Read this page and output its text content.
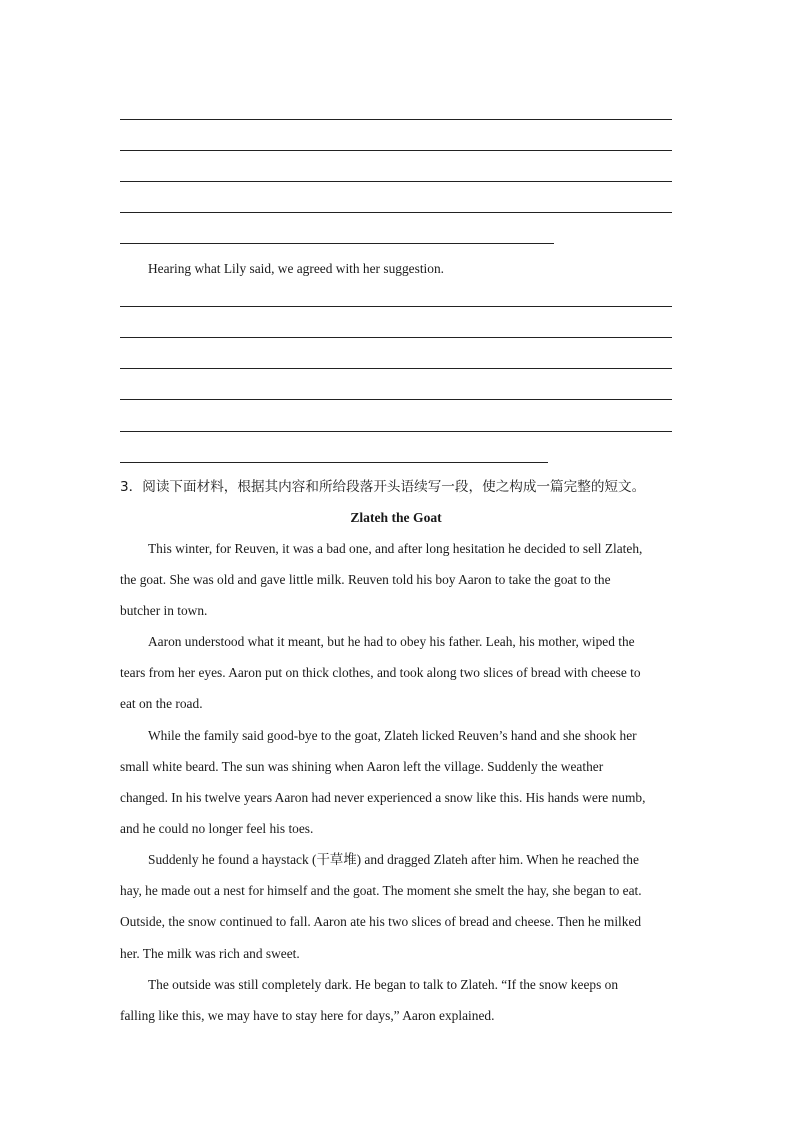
Hearing what Lily said, we agreed with her suggestion.
3．阅读下面材料，根据其内容和所给段落开头语续写一段，使之构成一篇完整的短文。
Zlateh the Goat
This winter, for Reuven, it was a bad one, and after long hesitation he decided to sell Zlateh,
the goat. She was old and gave little milk. Reuven told his boy Aaron to take the goat to the
butcher in town.
Aaron understood what it meant, but he had to obey his father. Leah, his mother, wiped the
tears from her eyes. Aaron put on thick clothes, and took along two slices of bread with cheese to
eat on the road.
While the family said good-bye to the goat, Zlateh licked Reuven’s hand and she shook her
small white beard. The sun was shining when Aaron left the village. Suddenly the weather
changed. In his twelve years Aaron had never experienced a snow like this. His hands were numb,
and he could no longer feel his toes.
Suddenly he found a haystack (干草堆) and dragged Zlateh after him. When he reached the
hay, he made out a nest for himself and the goat. The moment she smelt the hay, she began to eat.
Outside, the snow continued to fall. Aaron ate his two slices of bread and cheese. Then he milked
her. The milk was rich and sweet.
The outside was still completely dark. He began to talk to Zlateh. “If the snow keeps on
falling like this, we may have to stay here for days,” Aaron explained.
